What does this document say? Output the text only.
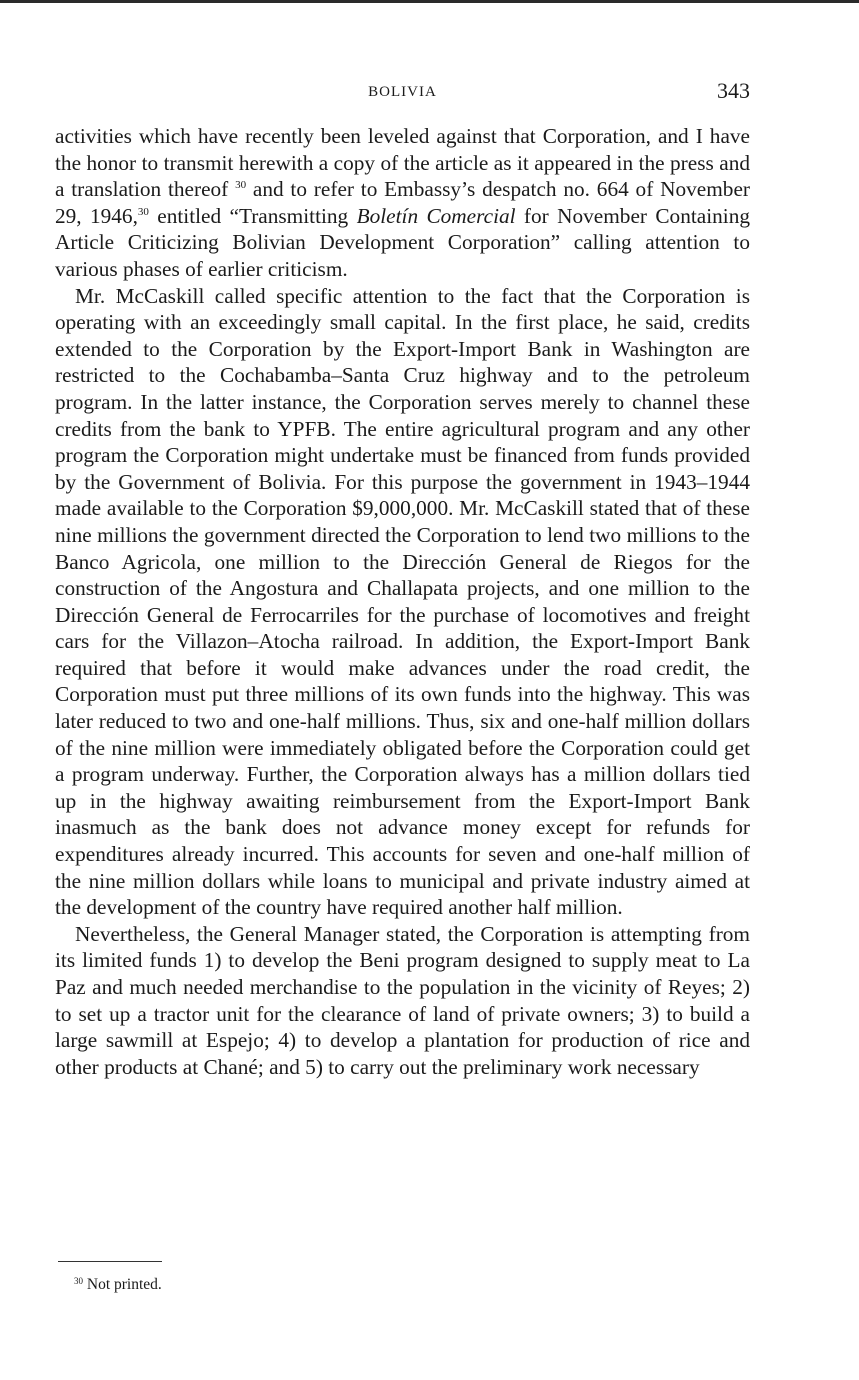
BOLIVIA	343

activities which have recently been leveled against that Corporation, and I have the honor to transmit herewith a copy of the article as it appeared in the press and a translation thereof $^{30}$ and to refer to Embassy’s despatch no. 664 of November 29, 1946,30 entitled “Transmitting Boletín Comercial for November Containing Article Criticizing Bolivian Development Corporation” calling attention to various phases of earlier criticism.

Mr. McCaskill called specific attention to the fact that the Corporation is operating with an exceedingly small capital. In the first place, he said, credits extended to the Corporation by the Export-Import Bank in Washington are restricted to the Cochabamba–Santa Cruz highway and to the petroleum program. In the latter instance, the Corporation serves merely to channel these credits from the bank to YPFB. The entire agricultural program and any other program the Corporation might undertake must be financed from funds provided by the Government of Bolivia. For this purpose the government in 1943–1944 made available to the Corporation $9,000,000. Mr. McCaskill stated that of these nine millions the government directed the Corporation to lend two millions to the Banco Agricola, one million to the Dirección General de Riegos for the construction of the Angostura and Challapata projects, and one million to the Dirección General de Ferrocarriles for the purchase of locomotives and freight cars for the Villazon–Atocha railroad. In addition, the Export-Import Bank required that before it would make advances under the road credit, the Corporation must put three millions of its own funds into the highway. This was later reduced to two and one-half millions. Thus, six and one-half million dollars of the nine million were immediately obligated before the Corporation could get a program underway. Further, the Corporation always has a million dollars tied up in the highway awaiting reimbursement from the Export-Import Bank inasmuch as the bank does not advance money except for refunds for expenditures already incurred. This accounts for seven and one-half million of the nine million dollars while loans to municipal and private industry aimed at the development of the country have required another half million.

Nevertheless, the General Manager stated, the Corporation is attempting from its limited funds 1) to develop the Beni program designed to supply meat to La Paz and much needed merchandise to the population in the vicinity of Reyes; 2) to set up a tractor unit for the clearance of land of private owners; 3) to build a large sawmill at Espejo; 4) to develop a plantation for production of rice and other products at Chané; and 5) to carry out the preliminary work necessary

$^{30}$ Not printed.
